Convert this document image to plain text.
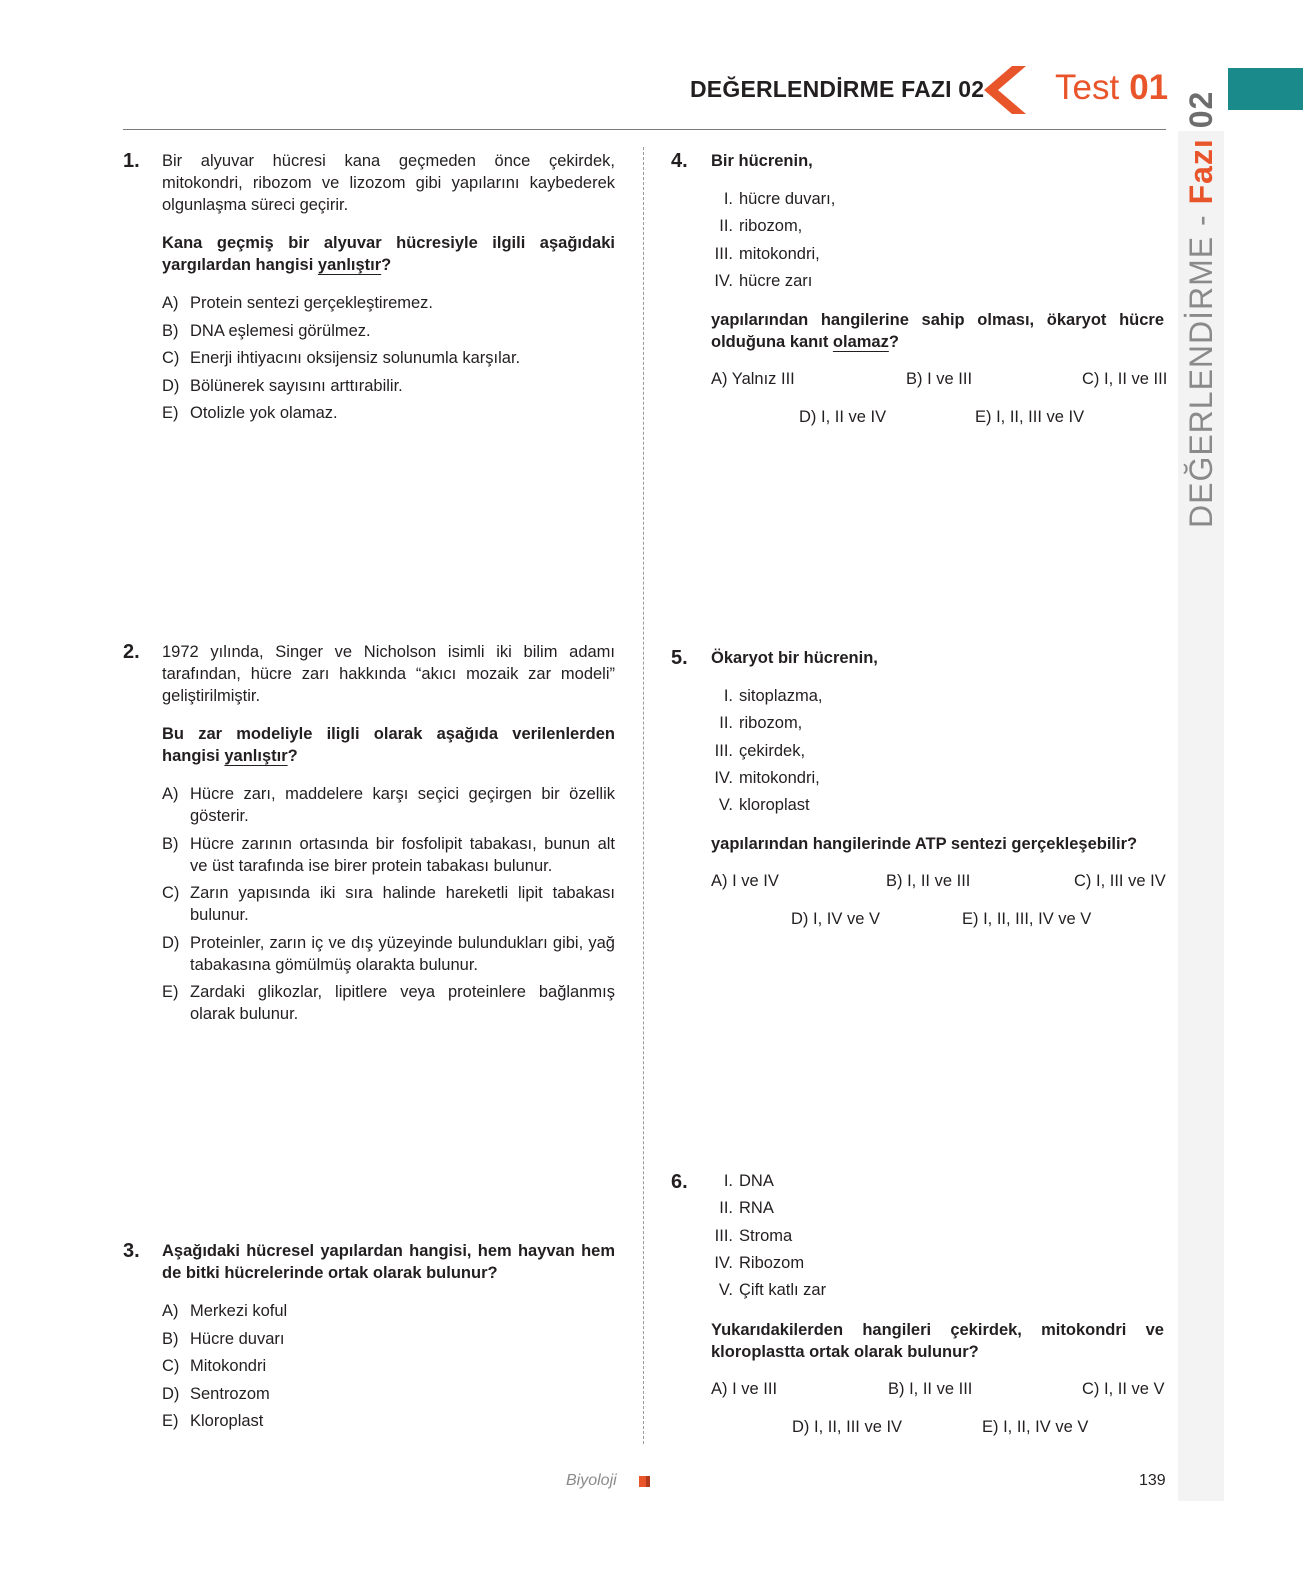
DEĞERLENDİRME FAZI 02 Test 01
DEĞERLENDİRME - Fazı 02
1. Bir alyuvar hücresi kana geçmeden önce çekirdek, mitokondri, ribozom ve lizozom gibi yapılarını kaybederek olgunlaşma süreci geçirir.
Kana geçmiş bir alyuvar hücresiyle ilgili aşağıdaki yargılardan hangisi yanlıştır?
A) Protein sentezi gerçekleştiremez.
B) DNA eşlemesi görülmez.
C) Enerji ihtiyacını oksijensiz solunumla karşılar.
D) Bölünerek sayısını arttırabilir.
E) Otolizle yok olamaz.
2. 1972 yılında, Singer ve Nicholson isimli iki bilim adamı tarafından, hücre zarı hakkında “akıcı mozaik zar modeli” geliştirilmiştir.
Bu zar modeliyle iligli olarak aşağıda verilenlerden hangisi yanlıştır?
A) Hücre zarı, maddelere karşı seçici geçirgen bir özellik gösterir.
B) Hücre zarının ortasında bir fosfolipit tabakası, bunun alt ve üst tarafında ise birer protein tabakası bulunur.
C) Zarın yapısında iki sıra halinde hareketli lipit tabakası bulunur.
D) Proteinler, zarın iç ve dış yüzeyinde bulundukları gibi, yağ tabakasına gömülmüş olarakta bulunur.
E) Zardaki glikozlar, lipitlere veya proteinlere bağlanmış olarak bulunur.
3. Aşağıdaki hücresel yapılardan hangisi, hem hayvan hem de bitki hücrelerinde ortak olarak bulunur?
A) Merkezi koful
B) Hücre duvarı
C) Mitokondri
D) Sentrozom
E) Kloroplast
4. Bir hücrenin,
I. hücre duvarı,
II. ribozom,
III. mitokondri,
IV. hücre zarı
yapılarından hangilerine sahip olması, ökaryot hücre olduğuna kanıt olamaz?
A) Yalnız III	B) I ve III	C) I, II ve III
D) I, II ve IV	E) I, II, III ve IV
5. Ökaryot bir hücrenin,
I. sitoplazma,
II. ribozom,
III. çekirdek,
IV. mitokondri,
V. kloroplast
yapılarından hangilerinde ATP sentezi gerçekleşebilir?
A) I ve IV	B) I, II ve III	C) I, III ve IV
D) I, IV ve V	E) I, II, III, IV ve V
6.	I. DNA
II. RNA
III. Stroma
IV. Ribozom
V. Çift katlı zar
Yukarıdakilerden hangileri çekirdek, mitokondri ve kloroplastta ortak olarak bulunur?
A) I ve III	B) I, II ve III	C) I, II ve V
D) I, II, III ve IV	E) I, II, IV ve V
Biyoloji	139
